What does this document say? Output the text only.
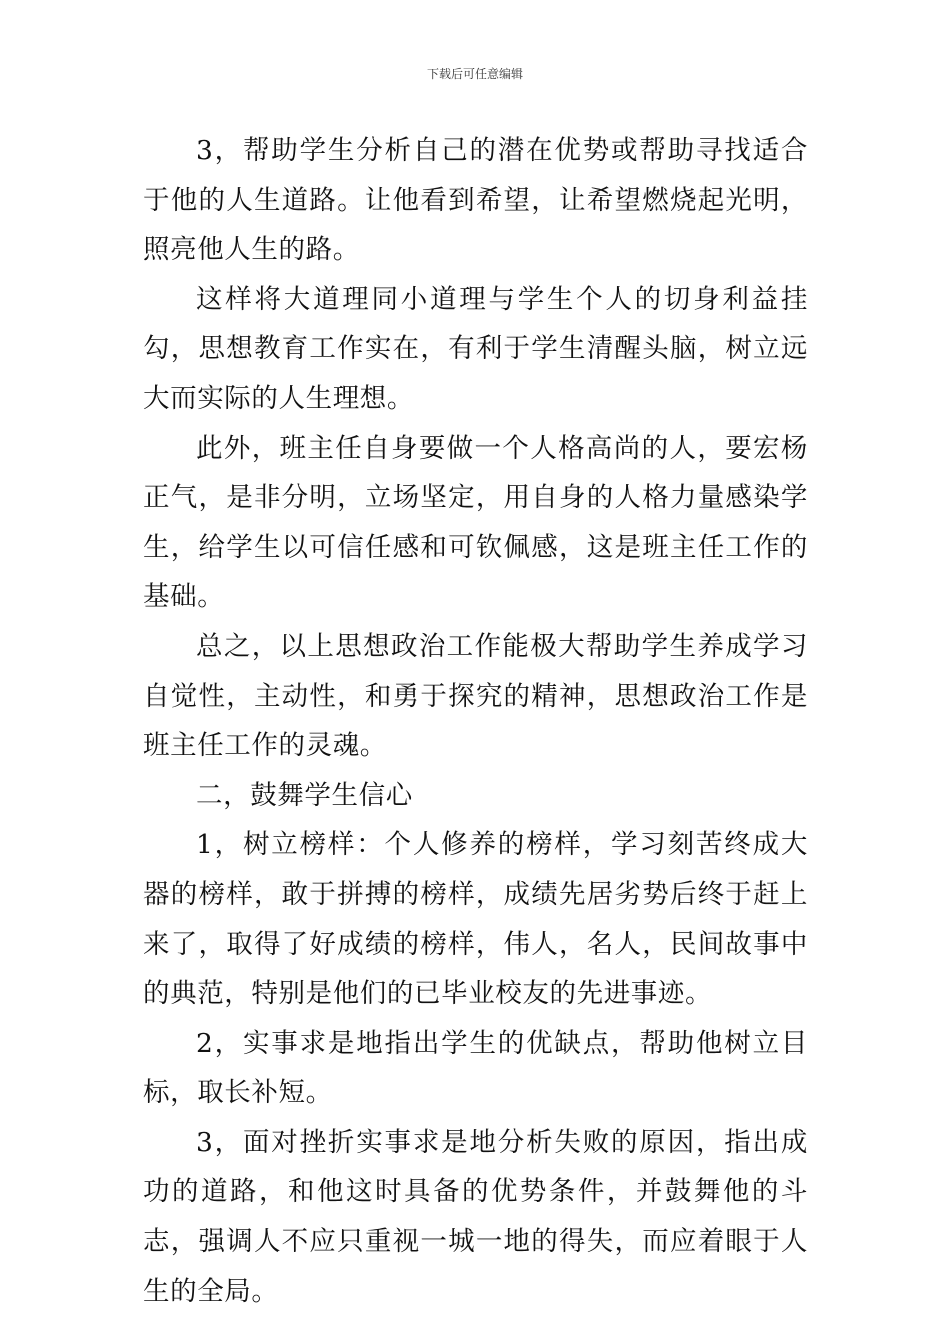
下载后可任意编辑

3，帮助学生分析自己的潜在优势或帮助寻找适合于他的人生道路。让他看到希望，让希望燃烧起光明，照亮他人生的路。

这样将大道理同小道理与学生个人的切身利益挂勾，思想教育工作实在，有利于学生清醒头脑，树立远大而实际的人生理想。

此外，班主任自身要做一个人格高尚的人，要宏杨正气，是非分明，立场坚定，用自身的人格力量感染学生，给学生以可信任感和可钦佩感，这是班主任工作的基础。

总之，以上思想政治工作能极大帮助学生养成学习自觉性，主动性，和勇于探究的精神，思想政治工作是班主任工作的灵魂。

二，鼓舞学生信心

1，树立榜样：个人修养的榜样，学习刻苦终成大器的榜样，敢于拼搏的榜样，成绩先居劣势后终于赶上来了，取得了好成绩的榜样，伟人，名人，民间故事中的典范，特别是他们的已毕业校友的先进事迹。

2，实事求是地指出学生的优缺点，帮助他树立目标，取长补短。

3，面对挫折实事求是地分析失败的原因，指出成功的道路，和他这时具备的优势条件，并鼓舞他的斗志，强调人不应只重视一城一地的得失，而应着眼于人生的全局。
